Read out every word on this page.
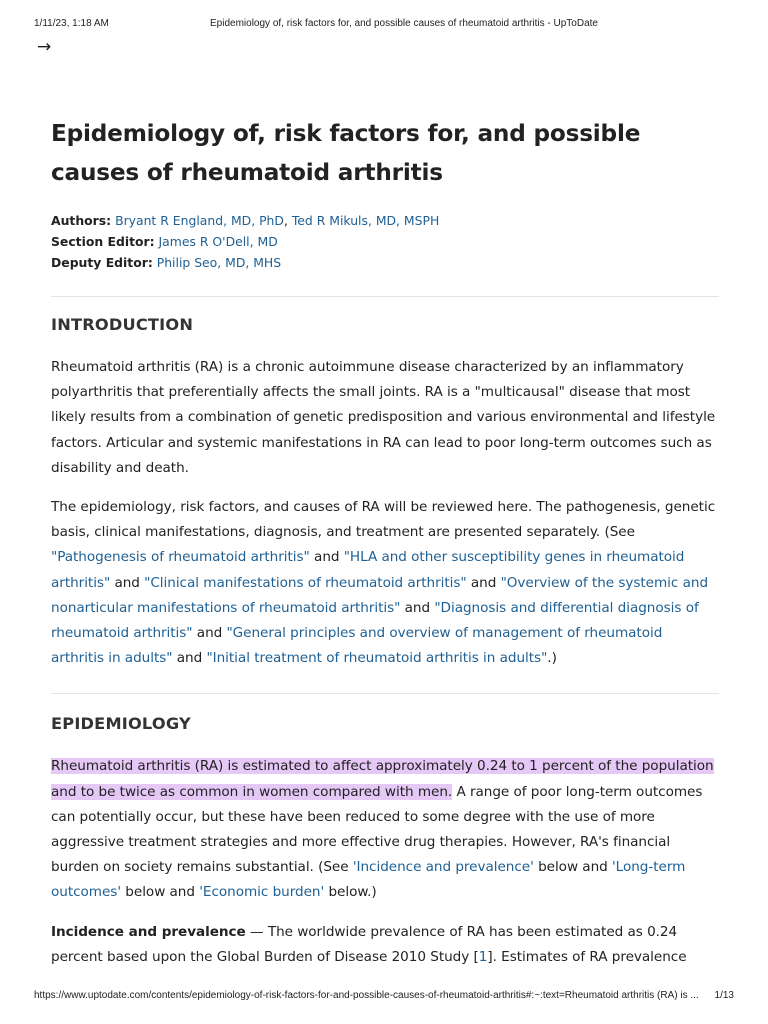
1/11/23, 1:18 AM	Epidemiology of, risk factors for, and possible causes of rheumatoid arthritis - UpToDate
→
Epidemiology of, risk factors for, and possible causes of rheumatoid arthritis
Authors: Bryant R England, MD, PhD, Ted R Mikuls, MD, MSPH
Section Editor: James R O'Dell, MD
Deputy Editor: Philip Seo, MD, MHS
INTRODUCTION

Rheumatoid arthritis (RA) is a chronic autoimmune disease characterized by an inflammatory polyarthritis that preferentially affects the small joints. RA is a "multicausal" disease that most likely results from a combination of genetic predisposition and various environmental and lifestyle factors. Articular and systemic manifestations in RA can lead to poor long-term outcomes such as disability and death.

The epidemiology, risk factors, and causes of RA will be reviewed here. The pathogenesis, genetic basis, clinical manifestations, diagnosis, and treatment are presented separately. (See "Pathogenesis of rheumatoid arthritis" and "HLA and other susceptibility genes in rheumatoid arthritis" and "Clinical manifestations of rheumatoid arthritis" and "Overview of the systemic and nonarticular manifestations of rheumatoid arthritis" and "Diagnosis and differential diagnosis of rheumatoid arthritis" and "General principles and overview of management of rheumatoid arthritis in adults" and "Initial treatment of rheumatoid arthritis in adults".)

EPIDEMIOLOGY

Rheumatoid arthritis (RA) is estimated to affect approximately 0.24 to 1 percent of the population and to be twice as common in women compared with men. A range of poor long-term outcomes can potentially occur, but these have been reduced to some degree with the use of more aggressive treatment strategies and more effective drug therapies. However, RA's financial burden on society remains substantial. (See 'Incidence and prevalence' below and 'Long-term outcomes' below and 'Economic burden' below.)

Incidence and prevalence — The worldwide prevalence of RA has been estimated as 0.24 percent based upon the Global Burden of Disease 2010 Study [1]. Estimates of RA prevalence

https://www.uptodate.com/contents/epidemiology-of-risk-factors-for-and-possible-causes-of-rheumatoid-arthritis#:~:text=Rheumatoid arthritis (RA) is ... 1/13
